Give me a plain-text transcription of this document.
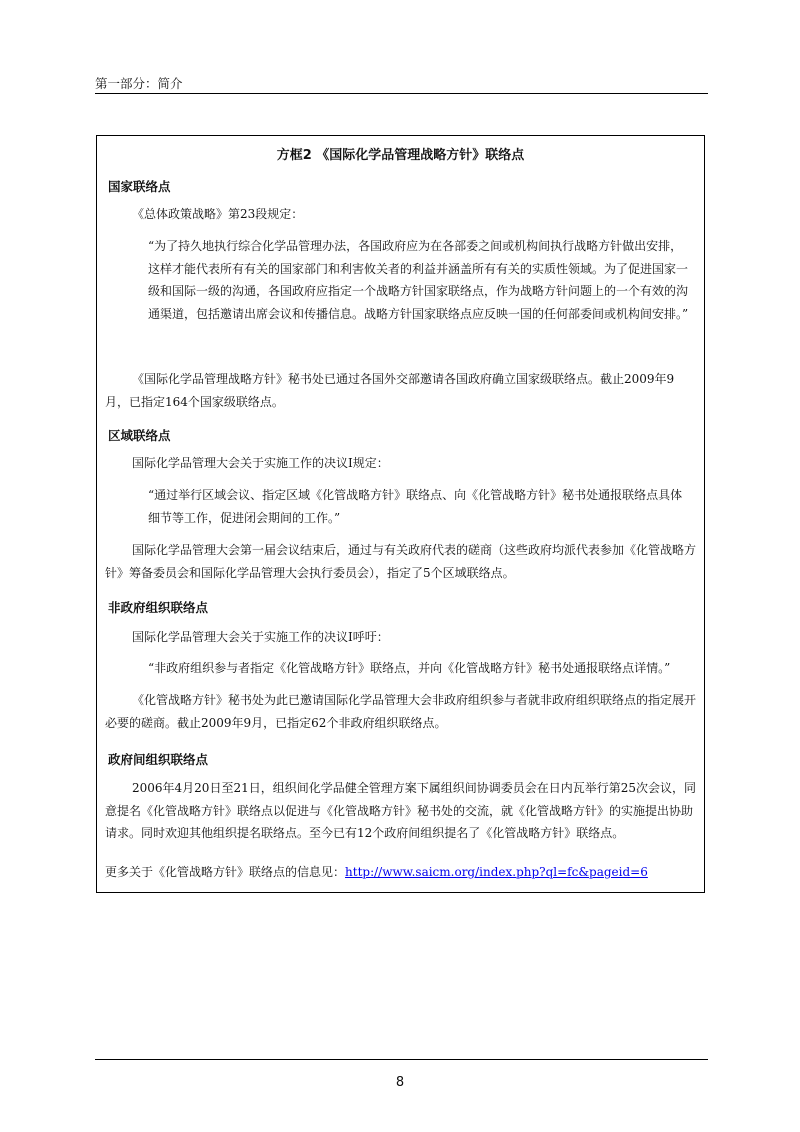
第一部分：简介
方框2 《国际化学品管理战略方针》联络点
国家联络点
《总体政策战略》第23段规定：
“为了持久地执行综合化学品管理办法，各国政府应为在各部委之间或机构间执行战略方针做出安排，这样才能代表所有有关的国家部门和利害攸关者的利益并涵盖所有有关的实质性领域。为了促进国家一级和国际一级的沟通，各国政府应指定一个战略方针国家联络点，作为战略方针问题上的一个有效的沟通渠道，包括邀请出席会议和传播信息。战略方针国家联络点应反映一国的任何部委间或机构间安排。”
《国际化学品管理战略方针》秘书处已通过各国外交部邀请各国政府确立国家级联络点。截止2009年9月，已指定164个国家级联络点。
区域联络点
国际化学品管理大会关于实施工作的决议I规定：
“通过举行区域会议、指定区域《化管战略方针》联络点、向《化管战略方针》秘书处通报联络点具体细节等工作，促进闭会期间的工作。”
国际化学品管理大会第一届会议结束后，通过与有关政府代表的磋商（这些政府均派代表参加《化管战略方针》筹备委员会和国际化学品管理大会执行委员会），指定了5个区域联络点。
非政府组织联络点
国际化学品管理大会关于实施工作的决议I呼吁：
“非政府组织参与者指定《化管战略方针》联络点，并向《化管战略方针》秘书处通报联络点详情。”
《化管战略方针》秘书处为此已邀请国际化学品管理大会非政府组织参与者就非政府组织联络点的指定展开必要的磋商。截止2009年9月，已指定62个非政府组织联络点。
政府间组织联络点
2006年4月20日至21日，组织间化学品健全管理方案下属组织间协调委员会在日内瓦举行第25次会议，同意提名《化管战略方针》联络点以促进与《化管战略方针》秘书处的交流，就《化管战略方针》的实施提出协助请求。同时欢迎其他组织提名联络点。至今已有12个政府间组织提名了《化管战略方针》联络点。
更多关于《化管战略方针》联络点的信息见：http://www.saicm.org/index.php?ql=fc&pageid=6
8
